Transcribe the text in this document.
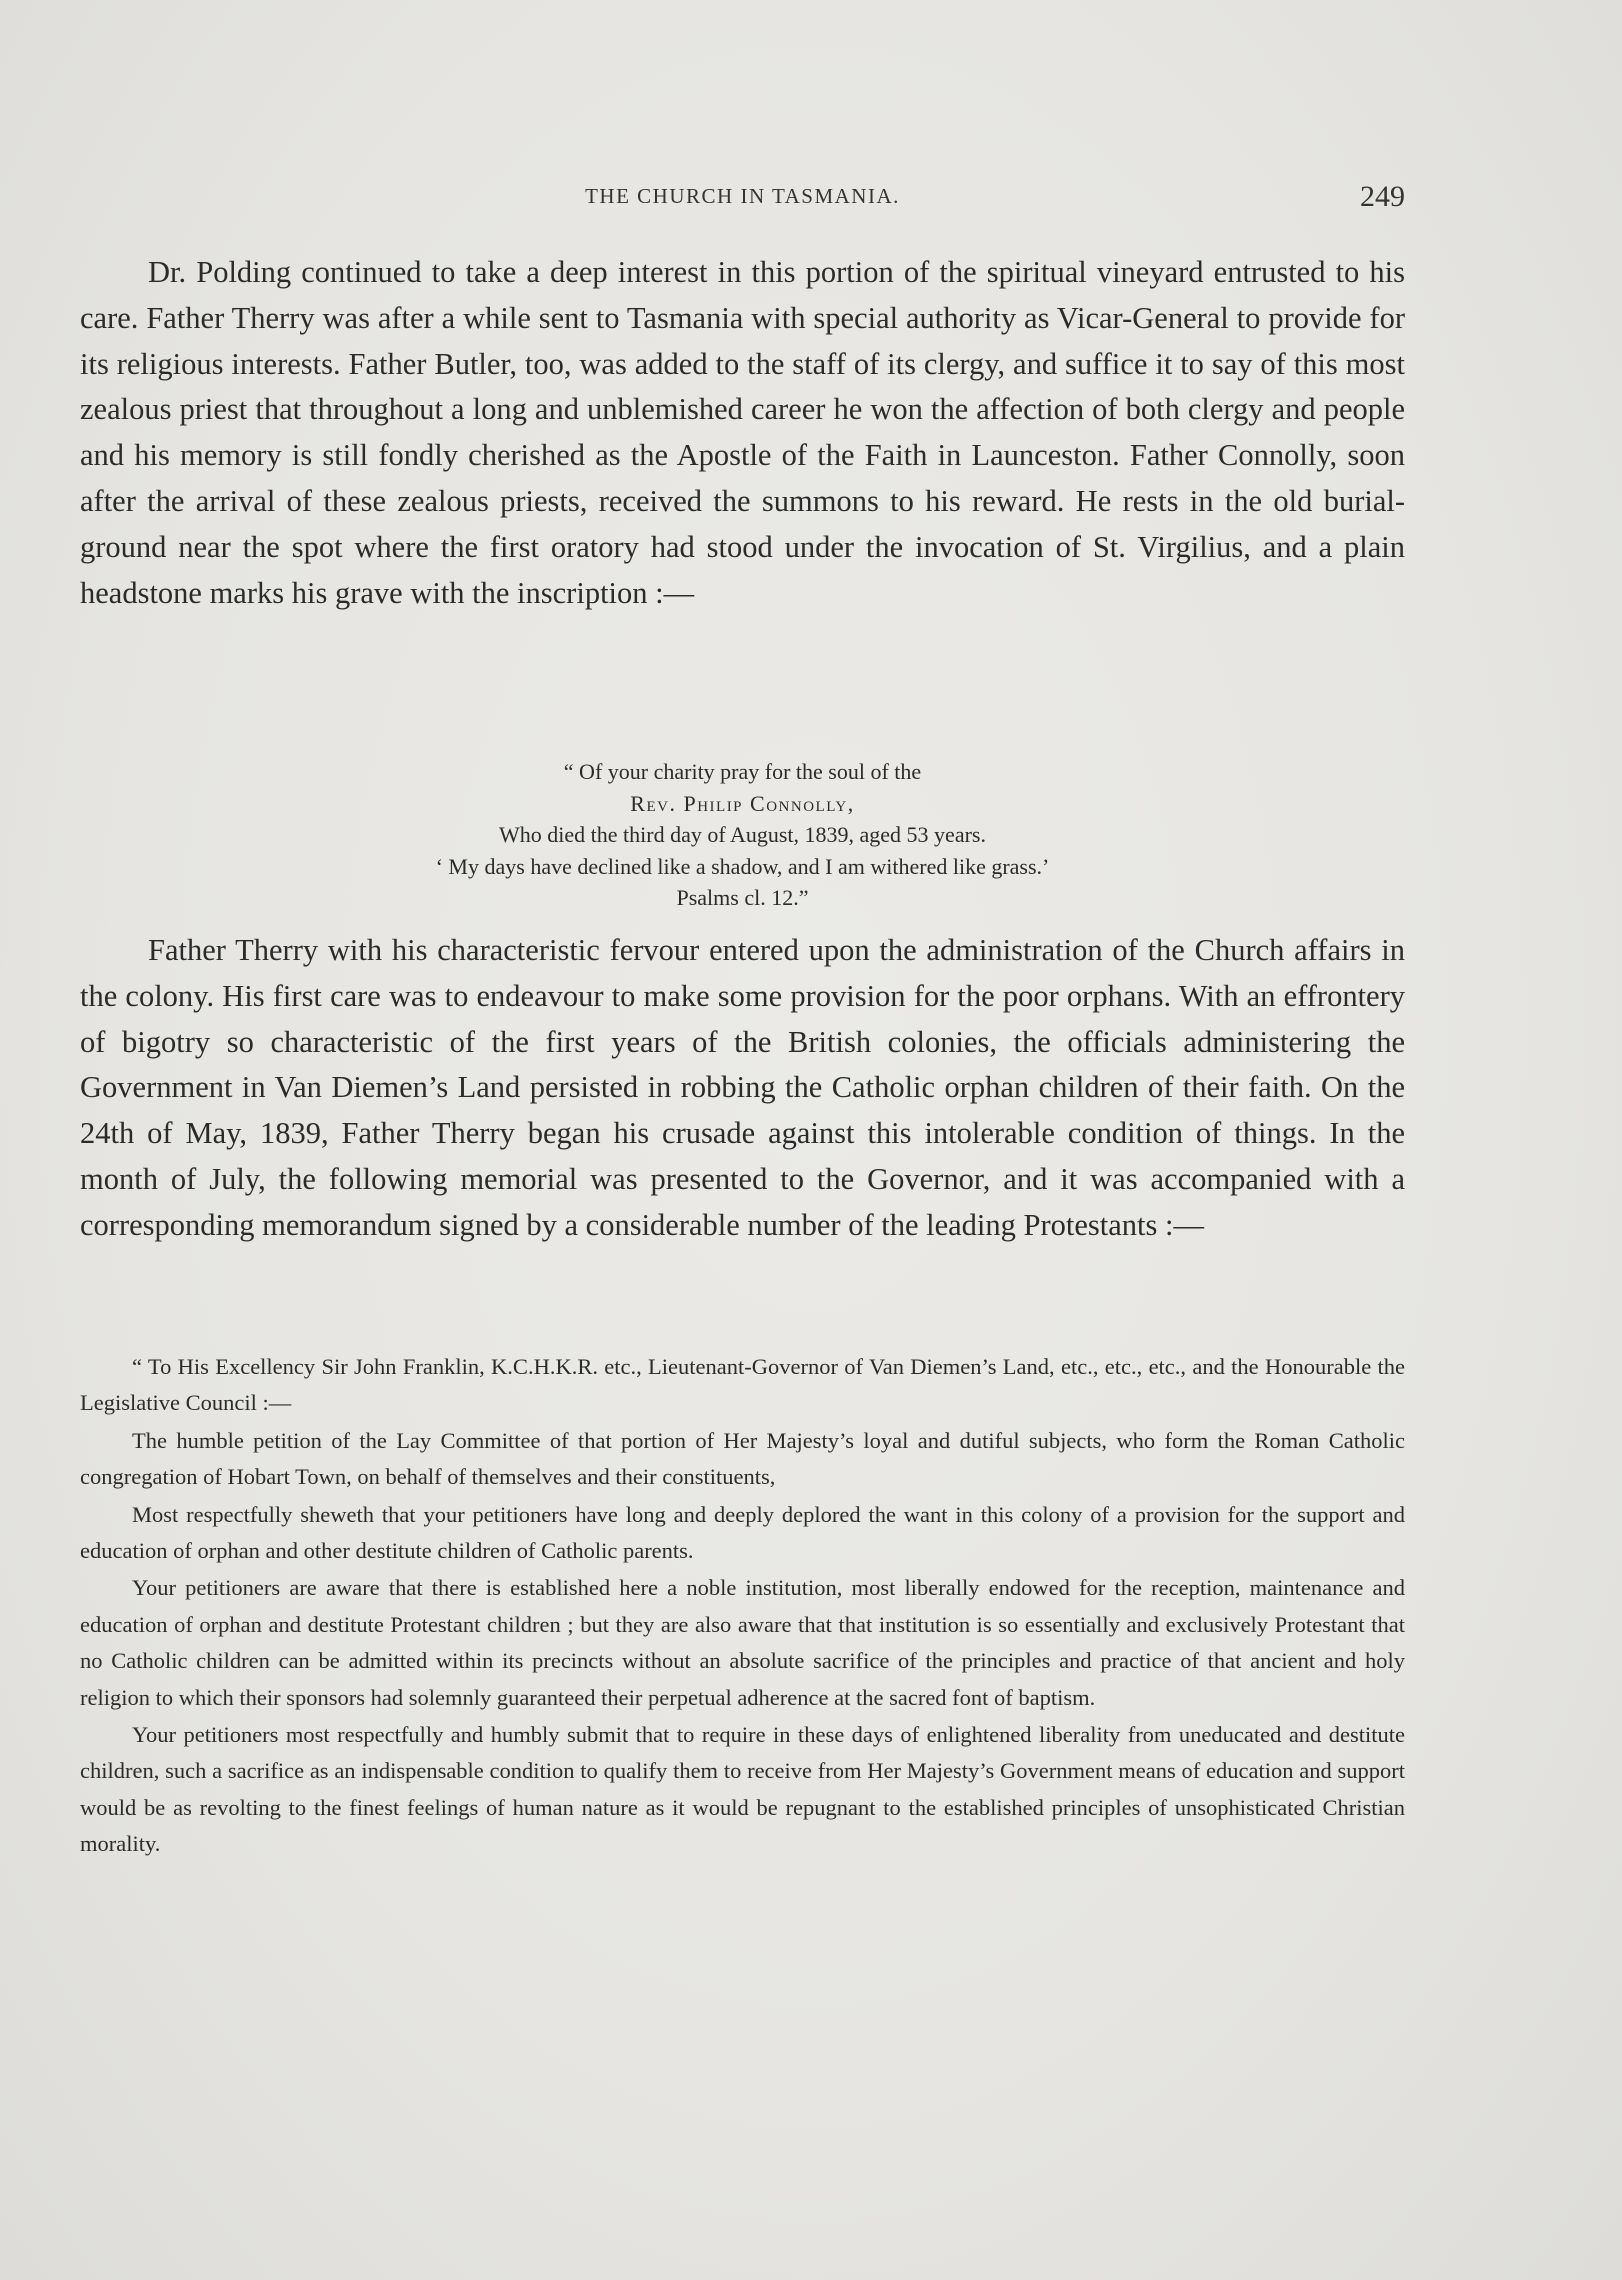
THE CHURCH IN TASMANIA.	249

Dr. Polding continued to take a deep interest in this portion of the spiritual vineyard entrusted to his care. Father Therry was after a while sent to Tasmania with special authority as Vicar-General to provide for its religious interests. Father Butler, too, was added to the staff of its clergy, and suffice it to say of this most zealous priest that throughout a long and unblemished career he won the affection of both clergy and people and his memory is still fondly cherished as the Apostle of the Faith in Launceston. Father Connolly, soon after the arrival of these zealous priests, received the summons to his reward. He rests in the old burial-ground near the spot where the first oratory had stood under the invocation of St. Virgilius, and a plain headstone marks his grave with the inscription :—

“ Of your charity pray for the soul of the
Rev. Philip Connolly,
Who died the third day of August, 1839, aged 53 years.
‘ My days have declined like a shadow, and I am withered like grass.’
Psalms cl. 12.”

Father Therry with his characteristic fervour entered upon the administration of the Church affairs in the colony. His first care was to endeavour to make some provision for the poor orphans. With an effrontery of bigotry so characteristic of the first years of the British colonies, the officials administering the Government in Van Diemen’s Land persisted in robbing the Catholic orphan children of their faith. On the 24th of May, 1839, Father Therry began his crusade against this intolerable condition of things. In the month of July, the following memorial was presented to the Governor, and it was accompanied with a corresponding memorandum signed by a considerable number of the leading Protestants :—

“ To His Excellency Sir John Franklin, K.C.H.K.R. etc., Lieutenant-Governor of Van Diemen’s Land, etc., etc., etc., and the Honourable the Legislative Council :—

The humble petition of the Lay Committee of that portion of Her Majesty’s loyal and dutiful subjects, who form the Roman Catholic congregation of Hobart Town, on behalf of themselves and their constituents,

Most respectfully sheweth that your petitioners have long and deeply deplored the want in this colony of a provision for the support and education of orphan and other destitute children of Catholic parents.

Your petitioners are aware that there is established here a noble institution, most liberally endowed for the reception, maintenance and education of orphan and destitute Protestant children ; but they are also aware that that institution is so essentially and exclusively Protestant that no Catholic children can be admitted within its precincts without an absolute sacrifice of the principles and practice of that ancient and holy religion to which their sponsors had solemnly guaranteed their perpetual adherence at the sacred font of baptism.

Your petitioners most respectfully and humbly submit that to require in these days of enlightened liberality from uneducated and destitute children, such a sacrifice as an indispensable condition to qualify them to receive from Her Majesty’s Government means of education and support would be as revolting to the finest feelings of human nature as it would be repugnant to the established principles of unsophisticated Christian morality.
